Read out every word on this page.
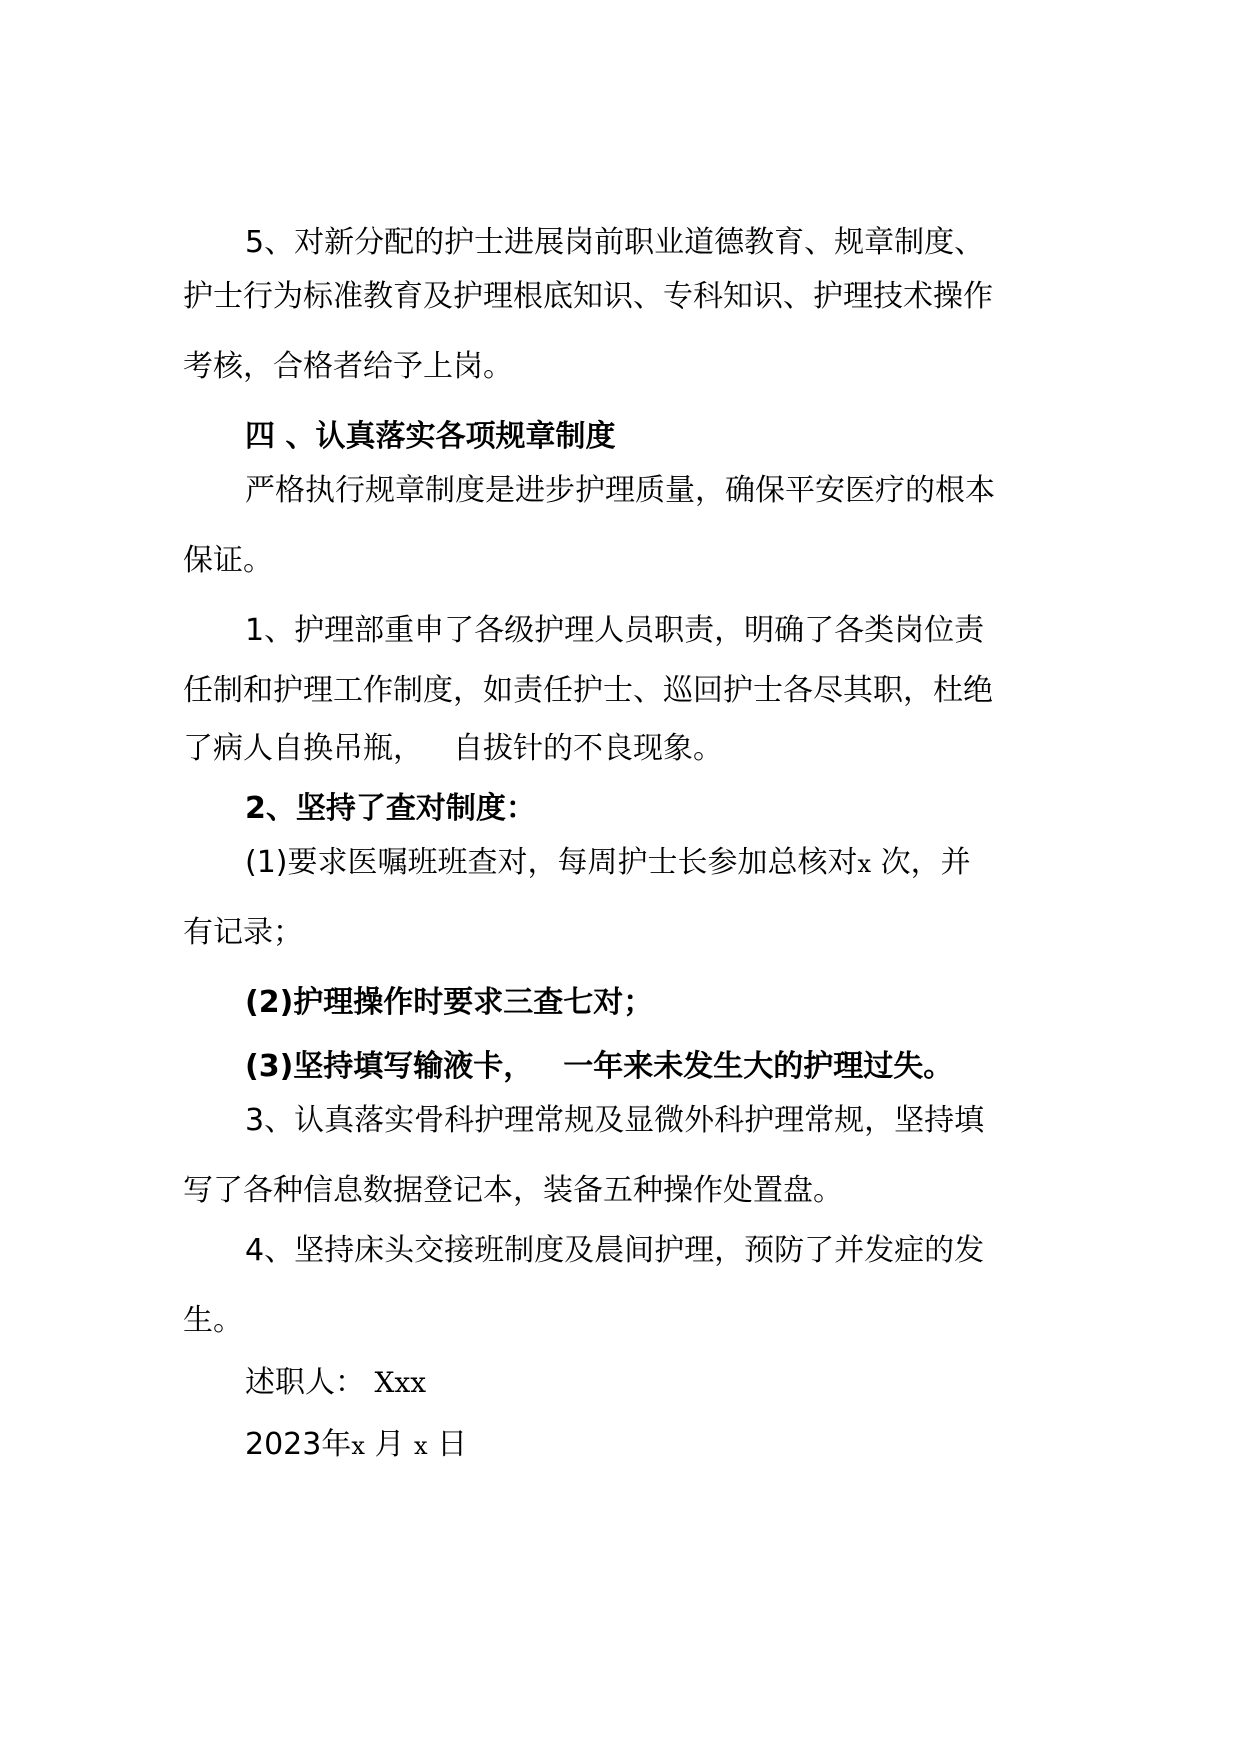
5、对新分配的护士进展岗前职业道德教育、规章制度、
护士行为标准教育及护理根底知识、专科知识、护理技术操作
考核，合格者给予上岗。
四 、认真落实各项规章制度
严格执行规章制度是进步护理质量，确保平安医疗的根本
保证。
1、护理部重申了各级护理人员职责，明确了各类岗位责
任制和护理工作制度，如责任护士、巡回护士各尽其职，杜绝
了病人自换吊瓶， 自拔针的不良现象。
2、坚持了查对制度：
(1)要求医嘱班班查对，每周护士长参加总核对x 次，并
有记录；
(2)护理操作时要求三查七对；
(3)坚持填写输液卡， 一年来未发生大的护理过失。
3、认真落实骨科护理常规及显微外科护理常规，坚持填
写了各种信息数据登记本，装备五种操作处置盘。
4、坚持床头交接班制度及晨间护理，预防了并发症的发
生。
述职人： Xxx
2023年x 月 x 日
